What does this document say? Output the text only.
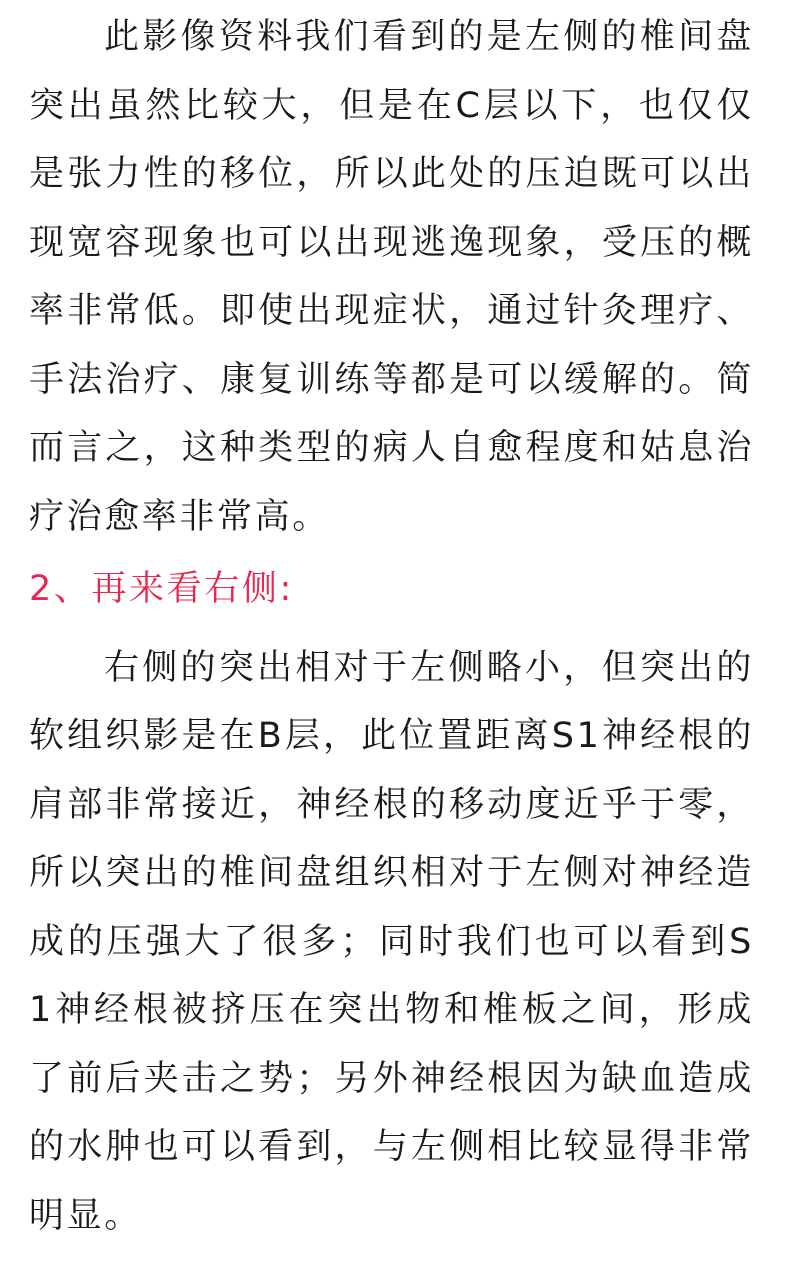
此影像资料我们看到的是左侧的椎间盘突出虽然比较大，但是在C层以下，也仅仅是张力性的移位，所以此处的压迫既可以出现宽容现象也可以出现逃逸现象，受压的概率非常低。即使出现症状，通过针灸理疗、手法治疗、康复训练等都是可以缓解的。简而言之，这种类型的病人自愈程度和姑息治疗治愈率非常高。

2、再来看右侧:

右侧的突出相对于左侧略小，但突出的软组织影是在B层，此位置距离S1神经根的肩部非常接近，神经根的移动度近乎于零，所以突出的椎间盘组织相对于左侧对神经造成的压强大了很多；同时我们也可以看到S1神经根被挤压在突出物和椎板之间，形成了前后夹击之势；另外神经根因为缺血造成的水肿也可以看到，与左侧相比较显得非常明显。
